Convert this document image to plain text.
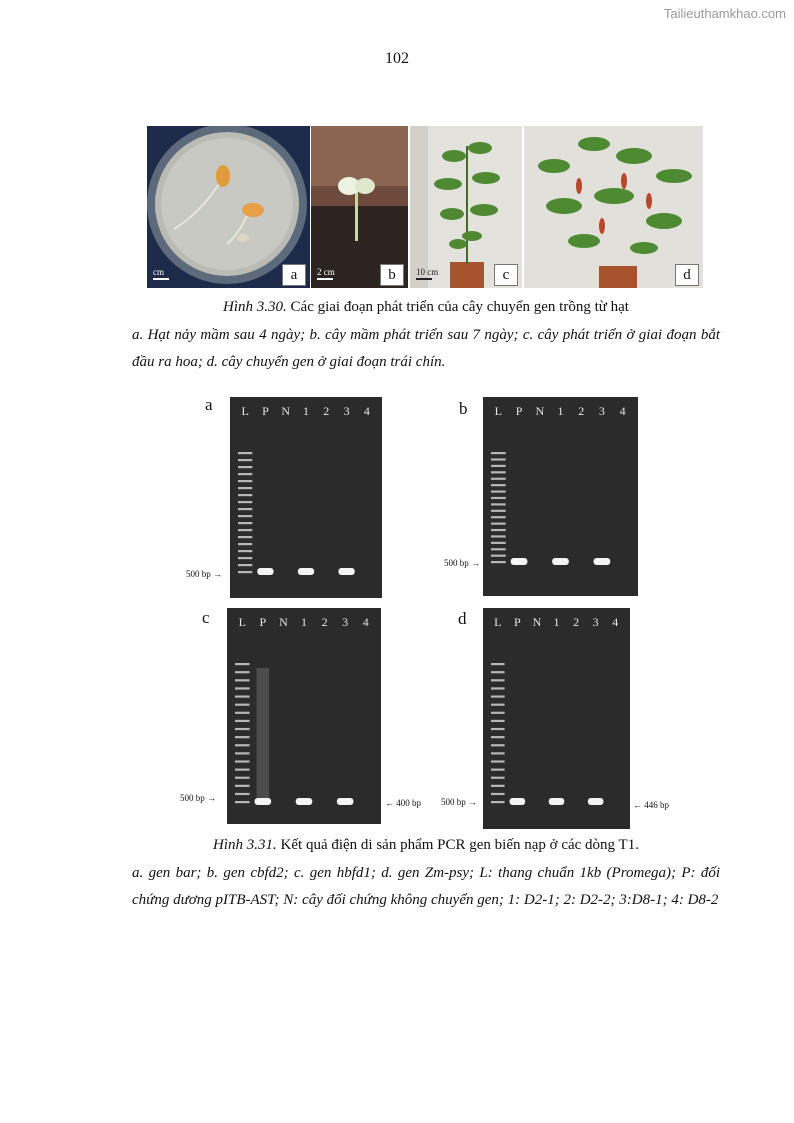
Tailieuthamkhao.com
102
cm	a	2 cm	b	10 cm	c	d
Hình 3.30. Các giai đoạn phát triển của cây chuyển gen trồng từ hạt
a. Hạt nảy mầm sau 4 ngày; b. cây mầm phát triển sau 7 ngày; c. cây phát triển ở giai đoạn bắt đầu ra hoa; d. cây chuyển gen ở giai đoạn trái chín.
a	b
c	d
L P N 1 2 3 4	L P N 1 2 3 4
L P N 1 2 3 4	L P N 1 2 3 4
500 bp →
500 bp →
500 bp →	← 400 bp 500 bp →	← 446 bp
Hình 3.31. Kết quả điện di sản phẩm PCR gen biến nạp ở các dòng T1.
a. gen bar; b. gen cbfd2; c. gen hbfd1; d. gen Zm-psy; L: thang chuẩn 1kb (Promega); P: đối chứng dương pITB-AST; N: cây đối chứng không chuyển gen; 1: D2-1; 2: D2-2; 3:D8-1; 4: D8-2
